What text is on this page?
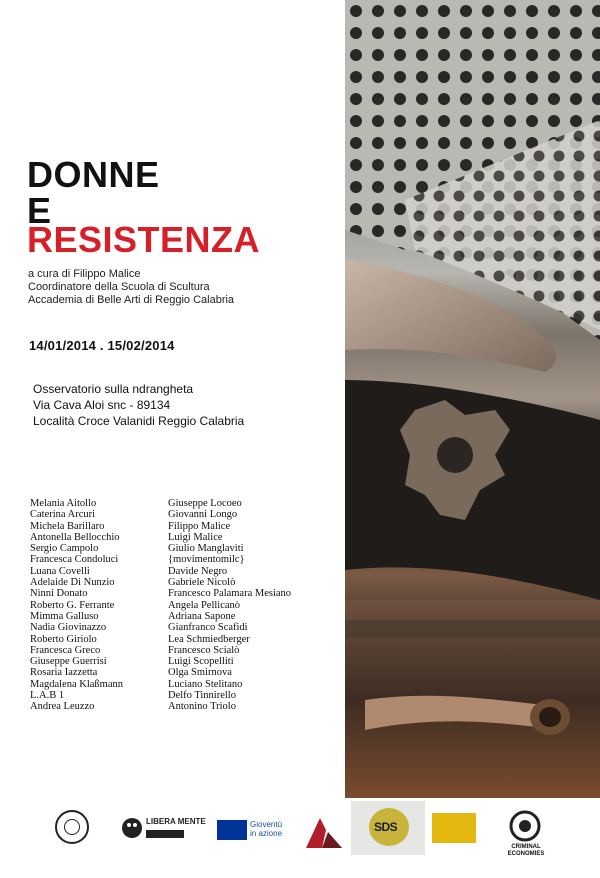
DONNE
E
RESISTENZA
a cura di Filippo Malice
Coordinatore della Scuola di Scultura
Accademia di Belle Arti di Reggio Calabria
14/01/2014 . 15/02/2014
Osservatorio sulla ndrangheta
Via Cava Aloi snc - 89134
Località Croce Valanidi Reggio Calabria
Melania Aitollo
Caterina Arcuri
Michela Barillaro
Antonella Bellocchio
Sergio Campolo
Francesca Condoluci
Luana Covelli
Adelaide Di Nunzio
Ninni Donato
Roberto G. Ferrante
Mimma Galluso
Nadia Giovinazzo
Roberto Giriolo
Francesca Greco
Giuseppe Guerrisi
Rosaria Iazzetta
Magdalena Klaßmann
L.A.B 1
Andrea Leuzzo
Giuseppe Locoeo
Giovanni Longo
Filippo Malice
Luigi Malice
Giulio Manglaviti
{movimentomilc}
Davide Negro
Gabriele Nicolò
Francesco Palamara Mesiano
Angela Pellicanò
Adriana Sapone
Gianfranco Scafidi
Lea Schmiedberger
Francesco Scialò
Luigi Scopelliti
Olga Smirnova
Luciano Stelitano
Delfo Tinnirello
Antonino Triolo
LIBERA MENTE	Gioventù
in azione	SDS
CRIMINAL
ECONOMIES
